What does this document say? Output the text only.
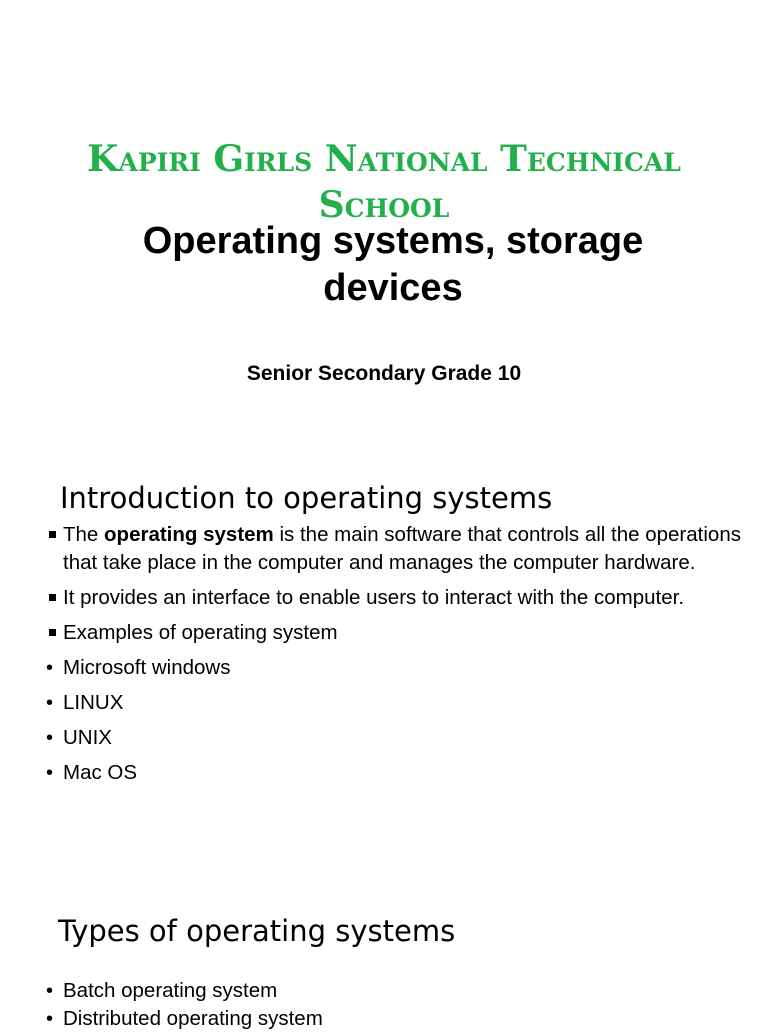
Kapiri Girls National Technical
School
Operating systems, storage
devices
Senior Secondary Grade 10
Introduction to operating systems
The operating system is the main software that controls all the operations that take place in the computer and manages the computer hardware.
It provides an interface to enable users to interact with the computer.
Examples of operating system
• Microsoft windows
• LINUX
• UNIX
• Mac OS
Types of operating systems
• Batch operating system
• Distributed operating system
